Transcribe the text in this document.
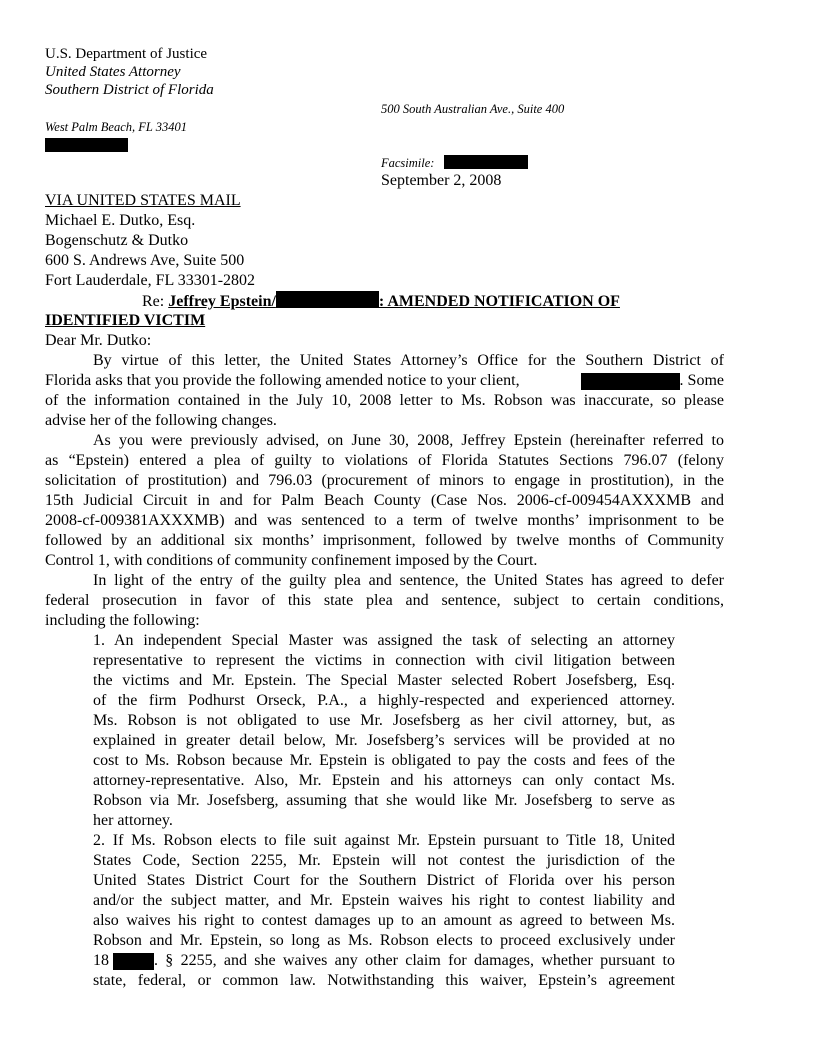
U.S. Department of Justice
United States Attorney
Southern District of Florida
500 South Australian Ave., Suite 400
West Palm Beach, FL 33401
Facsimile:
September 2, 2008
VIA UNITED STATES MAIL
Michael E. Dutko, Esq.
Bogenschutz & Dutko
600 S. Andrews Ave, Suite 500
Fort Lauderdale, FL 33301-2802
Re: Jeffrey Epstein/	: AMENDED NOTIFICATION OF
IDENTIFIED VICTIM
Dear Mr. Dutko:
By virtue of this letter, the United States Attorney’s Office for the Southern District of
Florida asks that you provide the following amended notice to your client,	. Some
of the information contained in the July 10, 2008 letter to Ms. Robson was inaccurate, so please
advise her of the following changes.
As you were previously advised, on June 30, 2008, Jeffrey Epstein (hereinafter referred to
as “Epstein) entered a plea of guilty to violations of Florida Statutes Sections 796.07 (felony
solicitation of prostitution) and 796.03 (procurement of minors to engage in prostitution), in the
15th Judicial Circuit in and for Palm Beach County (Case Nos. 2006-cf-009454AXXXMB and
2008-cf-009381AXXXMB) and was sentenced to a term of twelve months’ imprisonment to be
followed by an additional six months’ imprisonment, followed by twelve months of Community
Control 1, with conditions of community confinement imposed by the Court.
In light of the entry of the guilty plea and sentence, the United States has agreed to defer
federal prosecution in favor of this state plea and sentence, subject to certain conditions,
including the following:
1. An independent Special Master was assigned the task of selecting an attorney
representative to represent the victims in connection with civil litigation between
the victims and Mr. Epstein. The Special Master selected Robert Josefsberg, Esq.
of the firm Podhurst Orseck, P.A., a highly-respected and experienced attorney.
Ms. Robson is not obligated to use Mr. Josefsberg as her civil attorney, but, as
explained in greater detail below, Mr. Josefsberg’s services will be provided at no
cost to Ms. Robson because Mr. Epstein is obligated to pay the costs and fees of the
attorney-representative. Also, Mr. Epstein and his attorneys can only contact Ms.
Robson via Mr. Josefsberg, assuming that she would like Mr. Josefsberg to serve as
her attorney.
2. If Ms. Robson elects to file suit against Mr. Epstein pursuant to Title 18, United
States Code, Section 2255, Mr. Epstein will not contest the jurisdiction of the
United States District Court for the Southern District of Florida over his person
and/or the subject matter, and Mr. Epstein waives his right to contest liability and
also waives his right to contest damages up to an amount as agreed to between Ms.
Robson and Mr. Epstein, so long as Ms. Robson elects to proceed exclusively under
18	. § 2255, and she waives any other claim for damages, whether pursuant to
state, federal, or common law. Notwithstanding this waiver, Epstein’s agreement
